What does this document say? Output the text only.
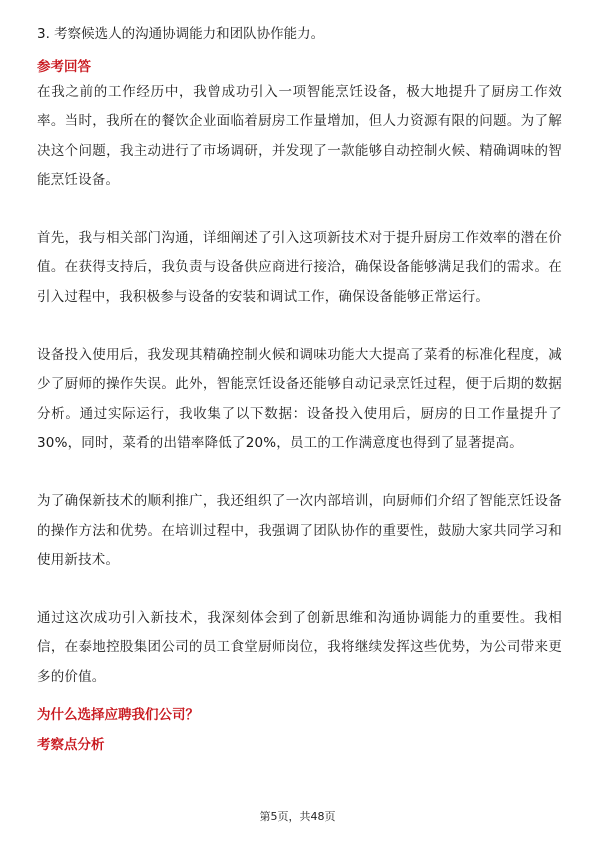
3. 考察候选人的沟通协调能力和团队协作能力。

参考回答

在我之前的工作经历中，我曾成功引入一项智能烹饪设备，极大地提升了厨房工作效率。当时，我所在的餐饮企业面临着厨房工作量增加，但人力资源有限的问题。为了解决这个问题，我主动进行了市场调研，并发现了一款能够自动控制火候、精确调味的智能烹饪设备。

首先，我与相关部门沟通，详细阐述了引入这项新技术对于提升厨房工作效率的潜在价值。在获得支持后，我负责与设备供应商进行接洽，确保设备能够满足我们的需求。在引入过程中，我积极参与设备的安装和调试工作，确保设备能够正常运行。

设备投入使用后，我发现其精确控制火候和调味功能大大提高了菜肴的标准化程度，减少了厨师的操作失误。此外，智能烹饪设备还能够自动记录烹饪过程，便于后期的数据分析。通过实际运行，我收集了以下数据：设备投入使用后，厨房的日工作量提升了30%，同时，菜肴的出错率降低了20%，员工的工作满意度也得到了显著提高。

为了确保新技术的顺利推广，我还组织了一次内部培训，向厨师们介绍了智能烹饪设备的操作方法和优势。在培训过程中，我强调了团队协作的重要性，鼓励大家共同学习和使用新技术。

通过这次成功引入新技术，我深刻体会到了创新思维和沟通协调能力的重要性。我相信，在泰地控股集团公司的员工食堂厨师岗位，我将继续发挥这些优势，为公司带来更多的价值。

为什么选择应聘我们公司？

考察点分析

第5页，共48页
